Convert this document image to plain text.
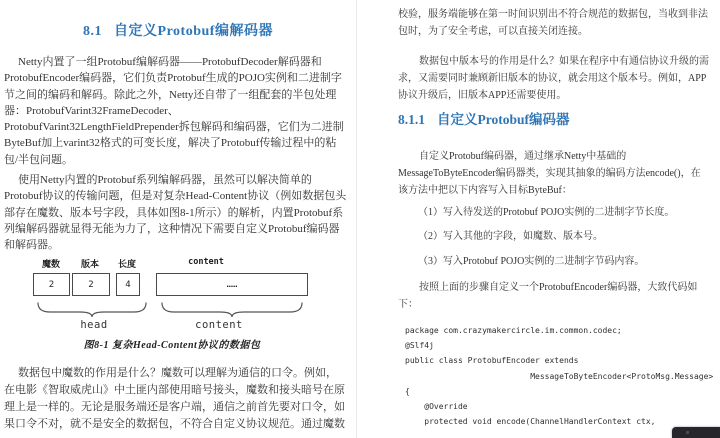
8.1 自定义Protobuf编解码器
Netty内置了一组Protobuf编解码器——ProtobufDecoder解码器和
ProtobufEncoder编码器，它们负责Protobuf生成的POJO实例和二进制字
节之间的编码和解码。除此之外，Netty还自带了一组配套的半包处理
器：ProtobufVarint32FrameDecoder、
ProtobufVarint32LengthFieldPrepender拆包解码和编码器，它们为二进制
ByteBuf加上varint32格式的可变长度，解决了Protobuf传输过程中的粘
包/半包问题。
使用Netty内置的Protobuf系列编解码器，虽然可以解决简单的
Protobuf协议的传输问题，但是对复杂Head-Content协议（例如数据包头
部存在魔数、版本号字段，具体如图8-1所示）的解析，内置Protobuf系
列编解码器就显得无能为力了，这种情况下需要自定义Protobuf编码器
和解码器。
魔数 版本 长度	content
2	2	4	……
head	content
图8-1 复杂Head-Content协议的数据包
数据包中魔数的作用是什么？魔数可以理解为通信的口令。例如，
在电影《智取威虎山》中土匪内部使用暗号接头，魔数和接头暗号在原
理上是一样的。无论是服务端还是客户端，通信之前首先要对口令，如
果口令不对，就不是安全的数据包，不符合自定义协议规范。通过魔数
校验，服务端能够在第一时间识别出不符合规范的数据包，当收到非法
包时，为了安全考虑，可以直接关闭连接。
数据包中版本号的作用是什么？如果在程序中有通信协议升级的需
求，又需要同时兼顾新旧版本的协议，就会用这个版本号。例如，APP
协议升级后，旧版本APP还需要使用。
8.1.1 自定义Protobuf编码器
自定义Protobuf编码器，通过继承Netty中基础的
MessageToByteEncoder编码器类，实现其抽象的编码方法encode()，在
该方法中把以下内容写入目标ByteBuf：
（1）写入待发送的Protobuf POJO实例的二进制字节长度。
（2）写入其他的字段，如魔数、版本号。
（3）写入Protobuf POJO实例的二进制字节码内容。
按照上面的步骤自定义一个ProtobufEncoder编码器，大致代码如
下：
package com.crazymakercircle.im.common.codec;
@Slf4j
public class ProtobufEncoder extends
MessageToByteEncoder<ProtoMsg.Message>
{
@Override
protected void encode(ChannelHandlerContext ctx,
